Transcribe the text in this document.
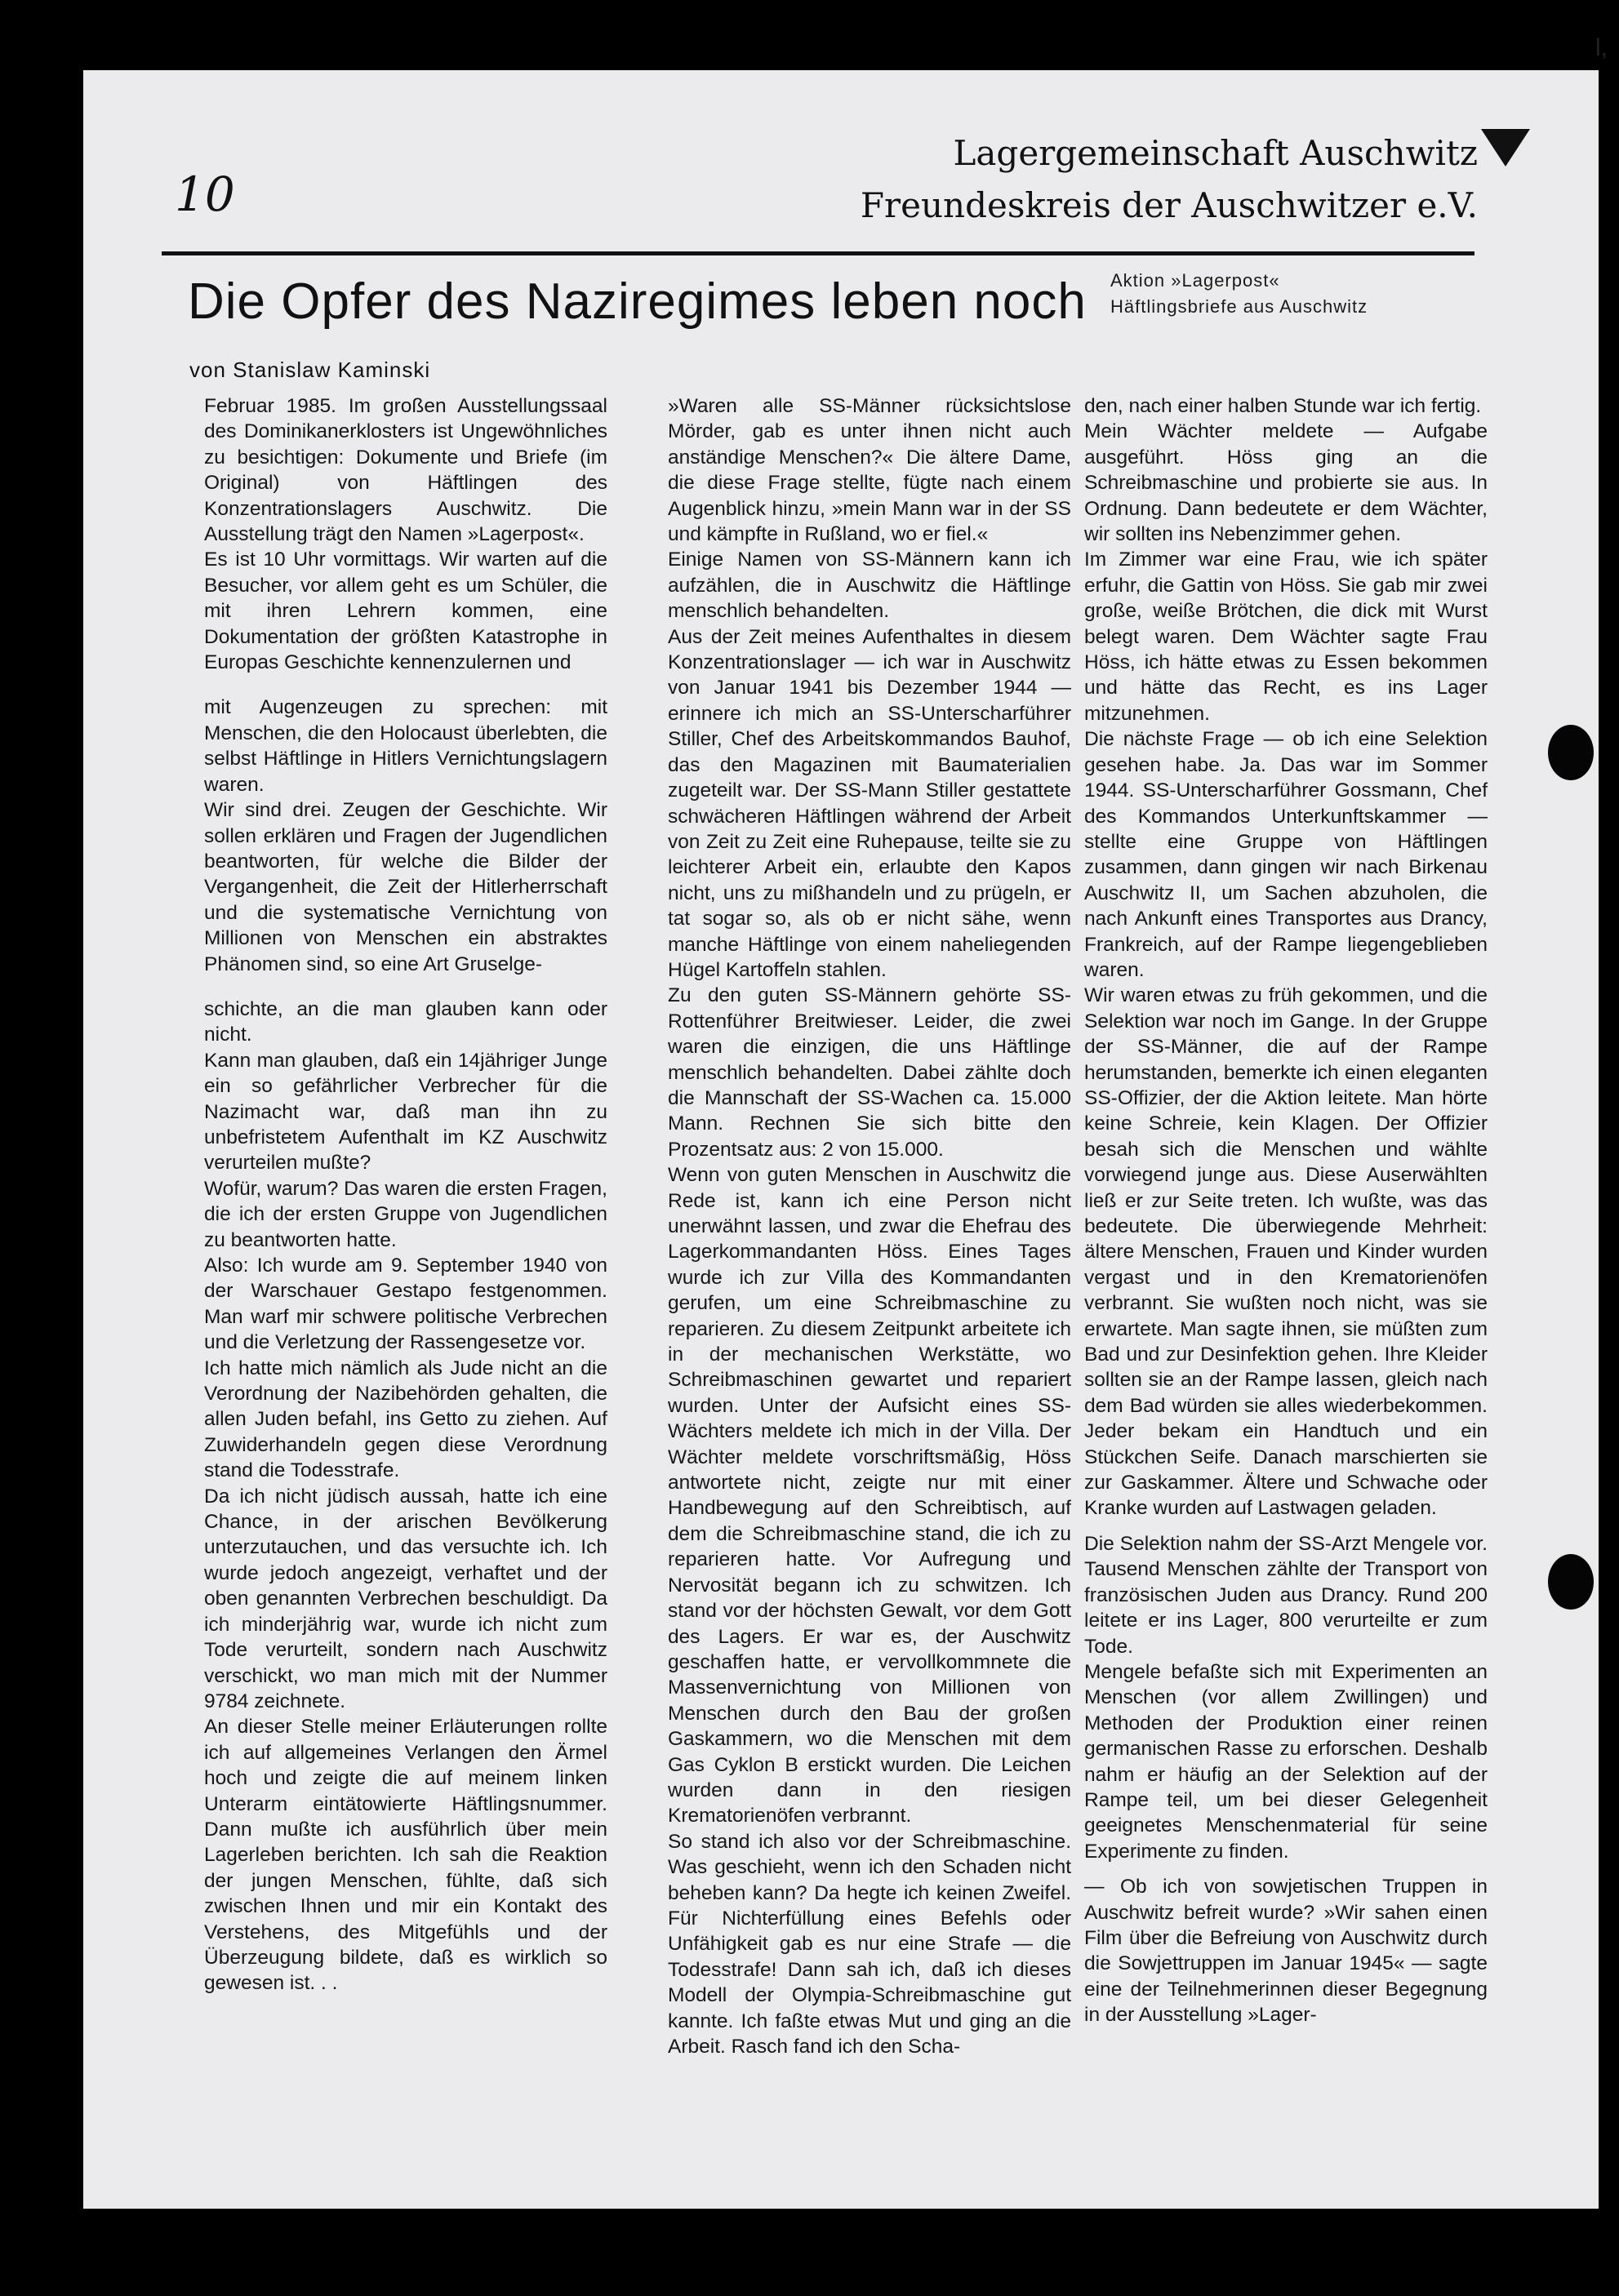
10
Lagergemeinschaft Auschwitz
Freundeskreis der Auschwitzer e.V.
Aktion »Lagerpost«
Häftlingsbriefe aus Auschwitz
Die Opfer des Naziregimes leben noch
von Stanislaw Kaminski

Februar 1985. Im großen Ausstellungssaal des Dominikanerklosters ist Ungewöhnliches zu besichtigen: Dokumente und Briefe (im Original) von Häftlingen des Konzentrationslagers Auschwitz. Die Ausstellung trägt den Namen »Lagerpost«.

Es ist 10 Uhr vormittags. Wir warten auf die Besucher, vor allem geht es um Schüler, die mit ihren Lehrern kommen, eine Dokumentation der größten Katastrophe in Europas Geschichte kennenzulernen und

mit Augenzeugen zu sprechen: mit Menschen, die den Holocaust überlebten, die selbst Häftlinge in Hitlers Vernichtungslagern waren.

Wir sind drei. Zeugen der Geschichte. Wir sollen erklären und Fragen der Jugendlichen beantworten, für welche die Bilder der Vergangenheit, die Zeit der Hitlerherrschaft und die systematische Vernichtung von Millionen von Menschen ein abstraktes Phänomen sind, so eine Art Gruselge-

schichte, an die man glauben kann oder nicht.

Kann man glauben, daß ein 14jähriger Junge ein so gefährlicher Verbrecher für die Nazimacht war, daß man ihn zu unbefristetem Aufenthalt im KZ Auschwitz verurteilen mußte?

Wofür, warum? Das waren die ersten Fragen, die ich der ersten Gruppe von Jugendlichen zu beantworten hatte.

Also: Ich wurde am 9. September 1940 von der Warschauer Gestapo festgenommen. Man warf mir schwere politische Verbrechen und die Verletzung der Rassengesetze vor.

Ich hatte mich nämlich als Jude nicht an die Verordnung der Nazibehörden gehalten, die allen Juden befahl, ins Getto zu ziehen. Auf Zuwiderhandeln gegen diese Verordnung stand die Todesstrafe.

Da ich nicht jüdisch aussah, hatte ich eine Chance, in der arischen Bevölkerung unterzutauchen, und das versuchte ich. Ich wurde jedoch angezeigt, verhaftet und der oben genannten Verbrechen beschuldigt. Da ich minderjährig war, wurde ich nicht zum Tode verurteilt, sondern nach Auschwitz verschickt, wo man mich mit der Nummer 9784 zeichnete.

An dieser Stelle meiner Erläuterungen rollte ich auf allgemeines Verlangen den Ärmel hoch und zeigte die auf meinem linken Unterarm eintätowierte Häftlingsnummer. Dann mußte ich ausführlich über mein Lagerleben berichten. Ich sah die Reaktion der jungen Menschen, fühlte, daß sich zwischen Ihnen und mir ein Kontakt des Verstehens, des Mitgefühls und der Überzeugung bildete, daß es wirklich so gewesen ist. . .

»Waren alle SS-Männer rücksichtslose Mörder, gab es unter ihnen nicht auch anständige Menschen?« Die ältere Dame, die diese Frage stellte, fügte nach einem Augenblick hinzu, »mein Mann war in der SS und kämpfte in Rußland, wo er fiel.«

Einige Namen von SS-Männern kann ich aufzählen, die in Auschwitz die Häftlinge menschlich behandelten.

Aus der Zeit meines Aufenthaltes in diesem Konzentrationslager — ich war in Auschwitz von Januar 1941 bis Dezember 1944 — erinnere ich mich an SS-Unterscharführer Stiller, Chef des Arbeitskommandos Bauhof, das den Magazinen mit Baumaterialien zugeteilt war. Der SS-Mann Stiller gestattete schwächeren Häftlingen während der Arbeit von Zeit zu Zeit eine Ruhepause, teilte sie zu leichterer Arbeit ein, erlaubte den Kapos nicht, uns zu mißhandeln und zu prügeln, er tat sogar so, als ob er nicht sähe, wenn manche Häftlinge von einem naheliegenden Hügel Kartoffeln stahlen.

Zu den guten SS-Männern gehörte SS-Rottenführer Breitwieser. Leider, die zwei waren die einzigen, die uns Häftlinge menschlich behandelten. Dabei zählte doch die Mannschaft der SS-Wachen ca. 15.000 Mann. Rechnen Sie sich bitte den Prozentsatz aus: 2 von 15.000.

Wenn von guten Menschen in Auschwitz die Rede ist, kann ich eine Person nicht unerwähnt lassen, und zwar die Ehefrau des Lagerkommandanten Höss. Eines Tages wurde ich zur Villa des Kommandanten gerufen, um eine Schreibmaschine zu reparieren. Zu diesem Zeitpunkt arbeitete ich in der mechanischen Werkstätte, wo Schreibmaschinen gewartet und repariert wurden. Unter der Aufsicht eines SS-Wächters meldete ich mich in der Villa. Der Wächter meldete vorschriftsmäßig, Höss antwortete nicht, zeigte nur mit einer Handbewegung auf den Schreibtisch, auf dem die Schreibmaschine stand, die ich zu reparieren hatte. Vor Aufregung und Nervosität begann ich zu schwitzen. Ich stand vor der höchsten Gewalt, vor dem Gott des Lagers. Er war es, der Auschwitz geschaffen hatte, er vervollkommnete die Massenvernichtung von Millionen von Menschen durch den Bau der großen Gaskammern, wo die Menschen mit dem Gas Cyklon B erstickt wurden. Die Leichen wurden dann in den riesigen Krematorienöfen verbrannt.

So stand ich also vor der Schreibmaschine. Was geschieht, wenn ich den Schaden nicht beheben kann? Da hegte ich keinen Zweifel. Für Nichterfüllung eines Befehls oder Unfähigkeit gab es nur eine Strafe — die Todesstrafe! Dann sah ich, daß ich dieses Modell der Olympia-Schreibmaschine gut kannte. Ich faßte etwas Mut und ging an die Arbeit. Rasch fand ich den Scha-

den, nach einer halben Stunde war ich fertig.

Mein Wächter meldete — Aufgabe ausgeführt. Höss ging an die Schreibmaschine und probierte sie aus. In Ordnung. Dann bedeutete er dem Wächter, wir sollten ins Nebenzimmer gehen.

Im Zimmer war eine Frau, wie ich später erfuhr, die Gattin von Höss. Sie gab mir zwei große, weiße Brötchen, die dick mit Wurst belegt waren. Dem Wächter sagte Frau Höss, ich hätte etwas zu Essen bekommen und hätte das Recht, es ins Lager mitzunehmen.

Die nächste Frage — ob ich eine Selektion gesehen habe. Ja. Das war im Sommer 1944. SS-Unterscharführer Gossmann, Chef des Kommandos Unterkunftskammer — stellte eine Gruppe von Häftlingen zusammen, dann gingen wir nach Birkenau Auschwitz II, um Sachen abzuholen, die nach Ankunft eines Transportes aus Drancy, Frankreich, auf der Rampe liegengeblieben waren.

Wir waren etwas zu früh gekommen, und die Selektion war noch im Gange. In der Gruppe der SS-Männer, die auf der Rampe herumstanden, bemerkte ich einen eleganten SS-Offizier, der die Aktion leitete. Man hörte keine Schreie, kein Klagen. Der Offizier besah sich die Menschen und wählte vorwiegend junge aus. Diese Auserwählten ließ er zur Seite treten. Ich wußte, was das bedeutete. Die überwiegende Mehrheit: ältere Menschen, Frauen und Kinder wurden vergast und in den Krematorienöfen verbrannt. Sie wußten noch nicht, was sie erwartete. Man sagte ihnen, sie müßten zum Bad und zur Desinfektion gehen. Ihre Kleider sollten sie an der Rampe lassen, gleich nach dem Bad würden sie alles wiederbekommen. Jeder bekam ein Handtuch und ein Stückchen Seife. Danach marschierten sie zur Gaskammer. Ältere und Schwache oder Kranke wurden auf Lastwagen geladen.

Die Selektion nahm der SS-Arzt Mengele vor. Tausend Menschen zählte der Transport von französischen Juden aus Drancy. Rund 200 leitete er ins Lager, 800 verurteilte er zum Tode.

Mengele befaßte sich mit Experimenten an Menschen (vor allem Zwillingen) und Methoden der Produktion einer reinen germanischen Rasse zu erforschen. Deshalb nahm er häufig an der Selektion auf der Rampe teil, um bei dieser Gelegenheit geeignetes Menschenmaterial für seine Experimente zu finden.

— Ob ich von sowjetischen Truppen in Auschwitz befreit wurde? »Wir sahen einen Film über die Befreiung von Auschwitz durch die Sowjettruppen im Januar 1945« — sagte eine der Teilnehmerinnen dieser Begegnung in der Ausstellung »Lager-

l,
